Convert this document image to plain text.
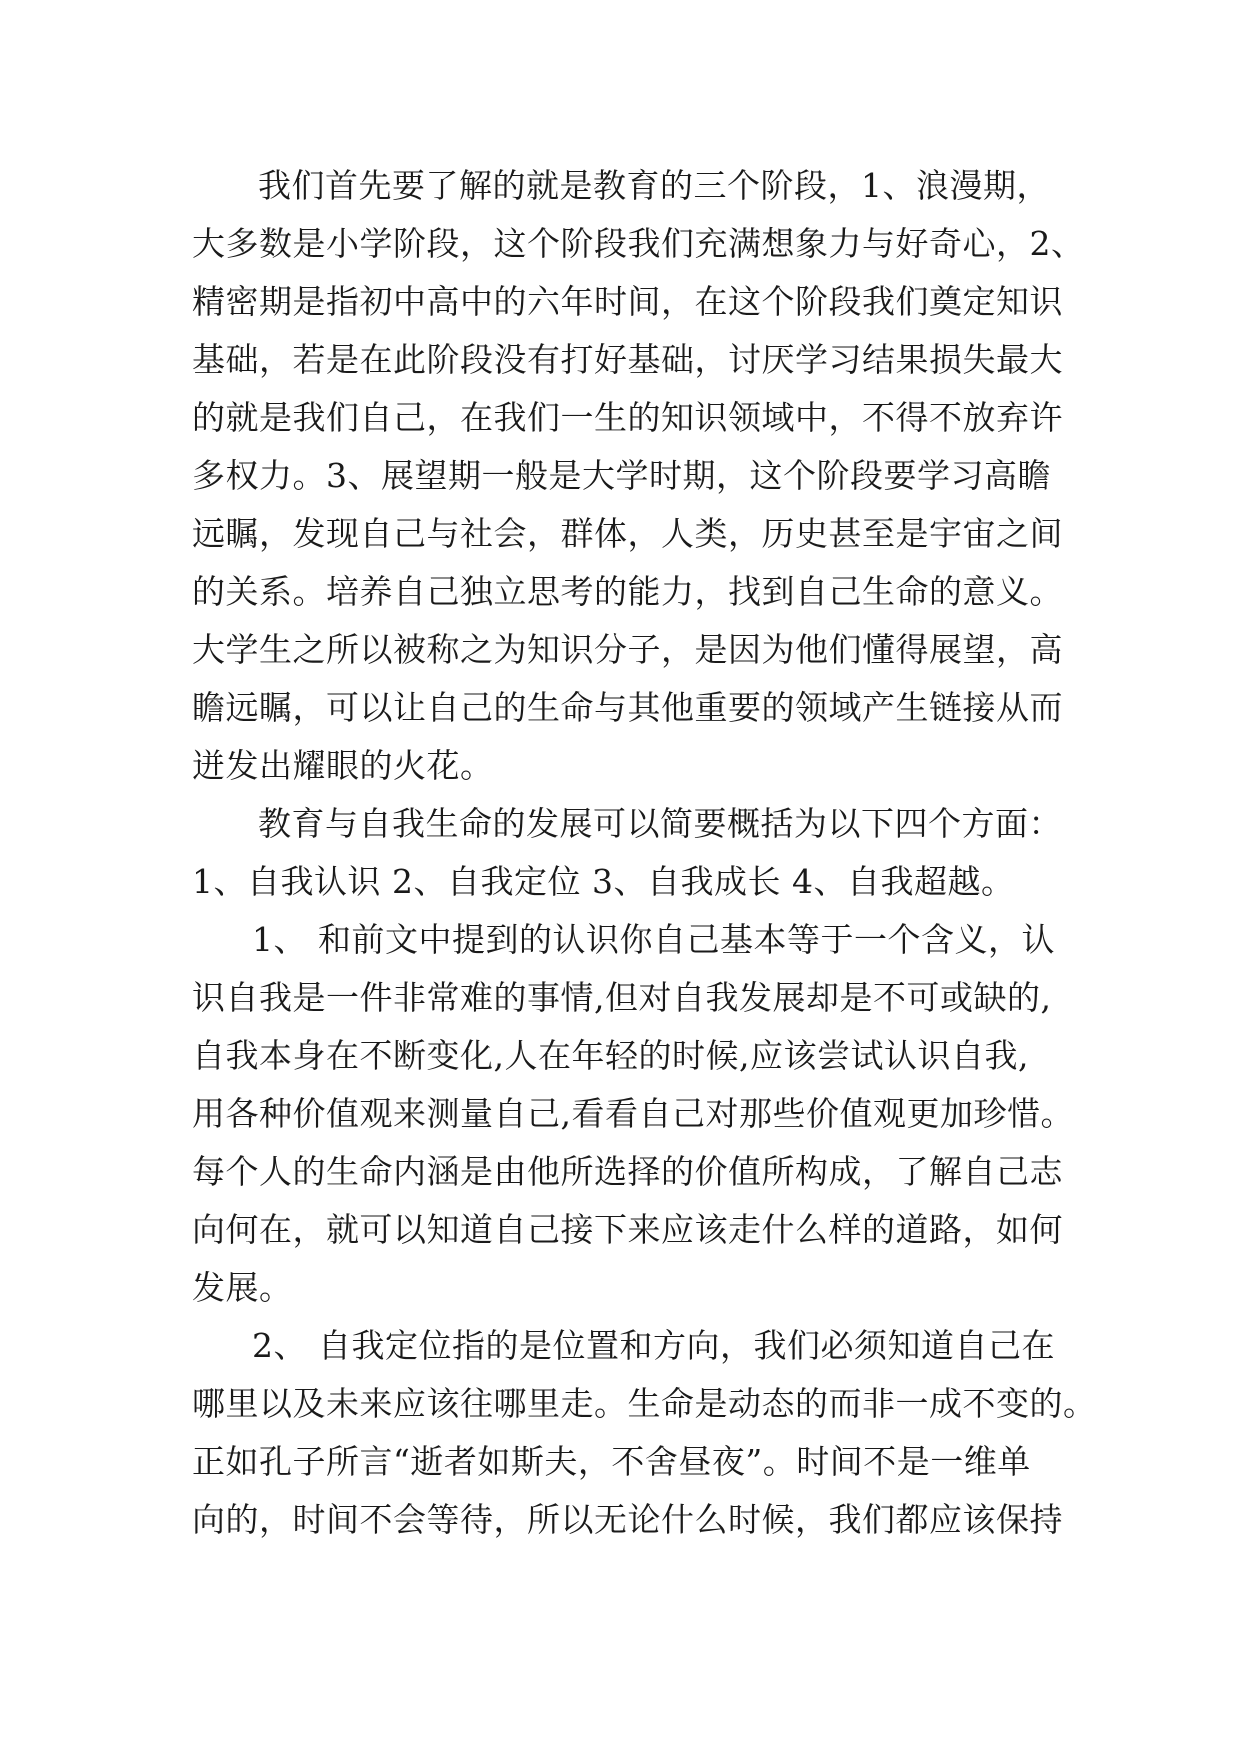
我们首先要了解的就是教育的三个阶段，1、浪漫期，
大多数是小学阶段，这个阶段我们充满想象力与好奇心，2、
精密期是指初中高中的六年时间，在这个阶段我们奠定知识
基础，若是在此阶段没有打好基础，讨厌学习结果损失最大
的就是我们自己，在我们一生的知识领域中，不得不放弃许
多权力。3、展望期一般是大学时期，这个阶段要学习高瞻
远瞩，发现自己与社会，群体，人类，历史甚至是宇宙之间
的关系。培养自己独立思考的能力，找到自己生命的意义。
大学生之所以被称之为知识分子，是因为他们懂得展望，高
瞻远瞩，可以让自己的生命与其他重要的领域产生链接从而
迸发出耀眼的火花。
教育与自我生命的发展可以简要概括为以下四个方面：
1、自我认识 2、自我定位 3、自我成长 4、自我超越。
1、 和前文中提到的认识你自己基本等于一个含义，认
识自我是一件非常难的事情,但对自我发展却是不可或缺的,
自我本身在不断变化,人在年轻的时候,应该尝试认识自我,
用各种价值观来测量自己,看看自己对那些价值观更加珍惜。
每个人的生命内涵是由他所选择的价值所构成，了解自己志
向何在，就可以知道自己接下来应该走什么样的道路，如何
发展。
2、 自我定位指的是位置和方向，我们必须知道自己在
哪里以及未来应该往哪里走。生命是动态的而非一成不变的。
正如孔子所言“逝者如斯夫，不舍昼夜”。时间不是一维单
向的，时间不会等待，所以无论什么时候，我们都应该保持
